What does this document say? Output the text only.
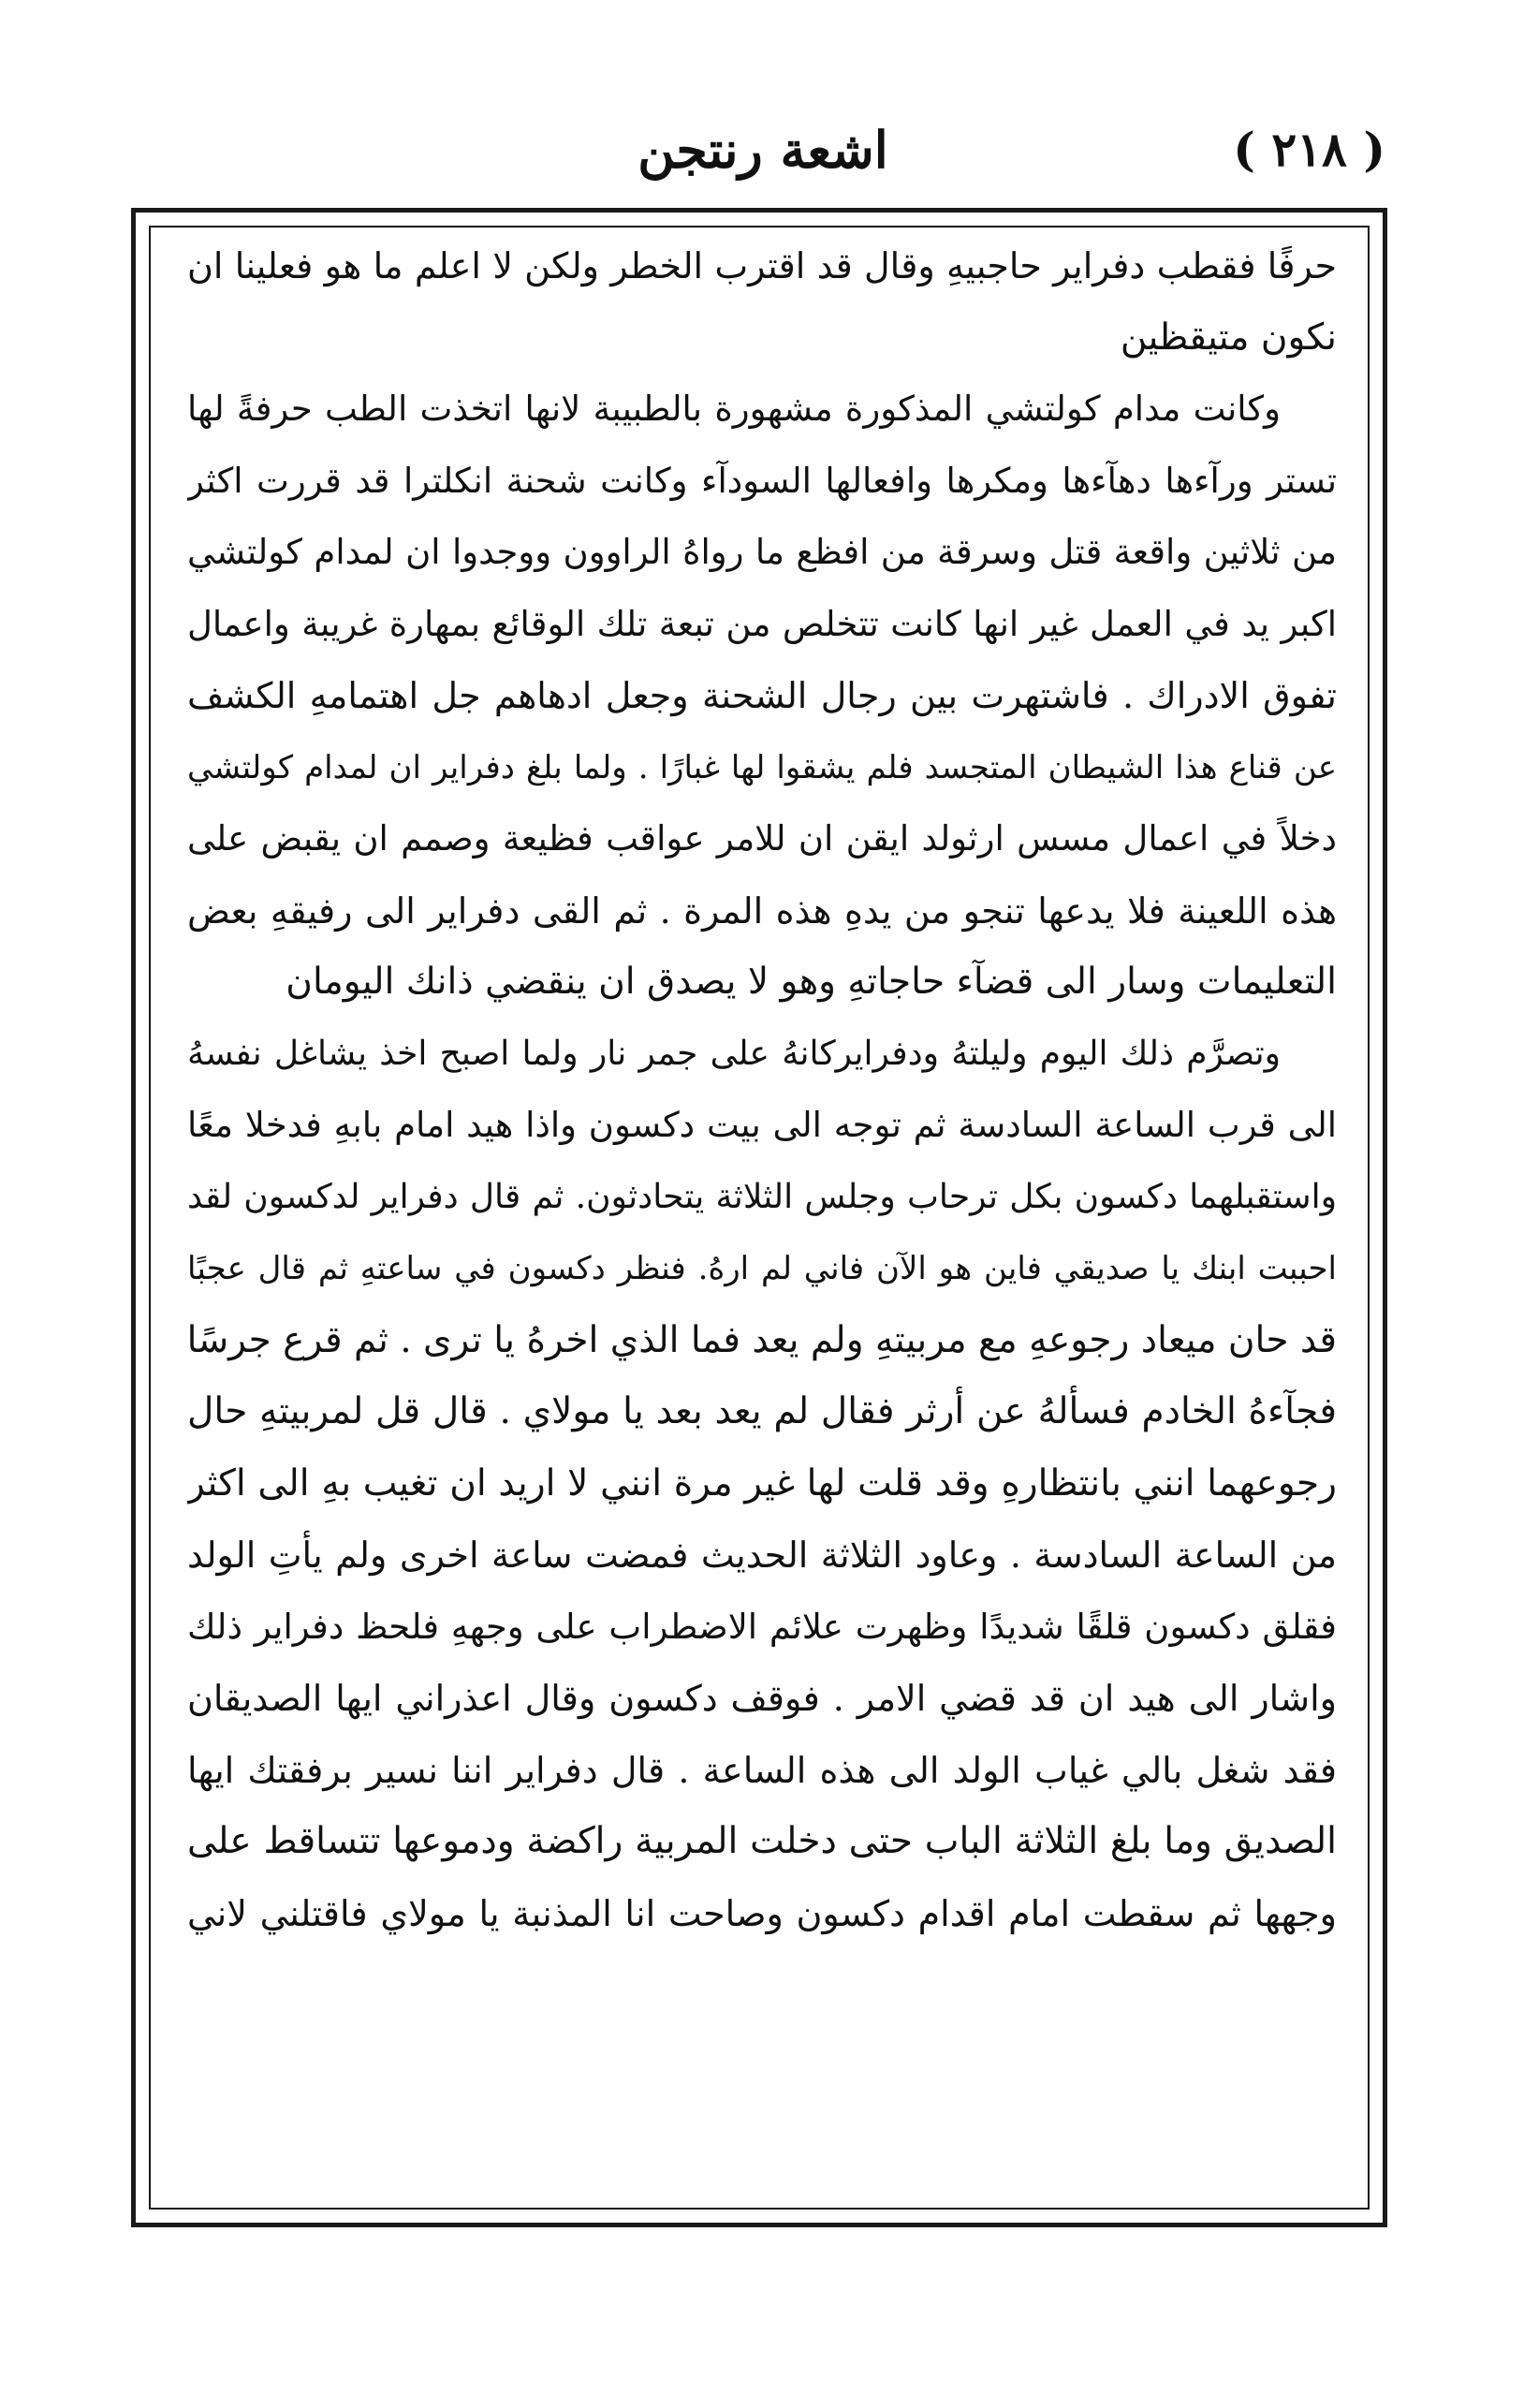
( ٢١٨ )
اشعة رنتجن
حرفًا فقطب دفراير حاجبيهِ وقال قد اقترب الخطر ولكن لا اعلم ما هو فعلينا ان
نكون متيقظين
وكانت مدام كولتشي المذكورة مشهورة بالطبيبة لانها اتخذت الطب حرفةً لها
تستر ورآءها دهآءها ومكرها وافعالها السودآء وكانت شحنة انكلترا قد قررت اكثر
من ثلاثين واقعة قتل وسرقة من افظع ما رواهُ الراوون ووجدوا ان لمدام كولتشي
اكبر يد في العمل غير انها كانت تتخلص من تبعة تلك الوقائع بمهارة غريبة واعمال
تفوق الادراك . فاشتهرت بين رجال الشحنة وجعل ادهاهم جل اهتمامهِ الكشف
عن قناع هذا الشيطان المتجسد فلم يشقوا لها غبارًا . ولما بلغ دفراير ان لمدام كولتشي
دخلاً في اعمال مسس ارثولد ايقن ان للامر عواقب فظيعة وصمم ان يقبض على
هذه اللعينة فلا يدعها تنجو من يدهِ هذه المرة . ثم القى دفراير الى رفيقهِ بعض
التعليمات وسار الى قضآء حاجاتهِ وهو لا يصدق ان ينقضي ذانك اليومان
وتصرَّم ذلك اليوم وليلتهُ ودفرايركانهُ على جمر نار ولما اصبح اخذ يشاغل نفسهُ
الى قرب الساعة السادسة ثم توجه الى بيت دكسون واذا هيد امام بابهِ فدخلا معًا
واستقبلهما دكسون بكل ترحاب وجلس الثلاثة يتحادثون. ثم قال دفراير لدكسون لقد
احببت ابنك يا صديقي فاين هو الآن فاني لم ارهُ. فنظر دكسون في ساعتهِ ثم قال عجبًا
قد حان ميعاد رجوعهِ مع مربيتهِ ولم يعد فما الذي اخرهُ يا ترى . ثم قرع جرسًا
فجآءهُ الخادم فسألهُ عن أرثر فقال لم يعد بعد يا مولاي . قال قل لمربيتهِ حال
رجوعهما انني بانتظارهِ وقد قلت لها غير مرة انني لا اريد ان تغيب بهِ الى اكثر
من الساعة السادسة . وعاود الثلاثة الحديث فمضت ساعة اخرى ولم يأتِ الولد
فقلق دكسون قلقًا شديدًا وظهرت علائم الاضطراب على وجههِ فلحظ دفراير ذلك
واشار الى هيد ان قد قضي الامر . فوقف دكسون وقال اعذراني ايها الصديقان
فقد شغل بالي غياب الولد الى هذه الساعة . قال دفراير اننا نسير برفقتك ايها
الصديق وما بلغ الثلاثة الباب حتى دخلت المربية راكضة ودموعها تتساقط على
وجهها ثم سقطت امام اقدام دكسون وصاحت انا المذنبة يا مولاي فاقتلني لاني
